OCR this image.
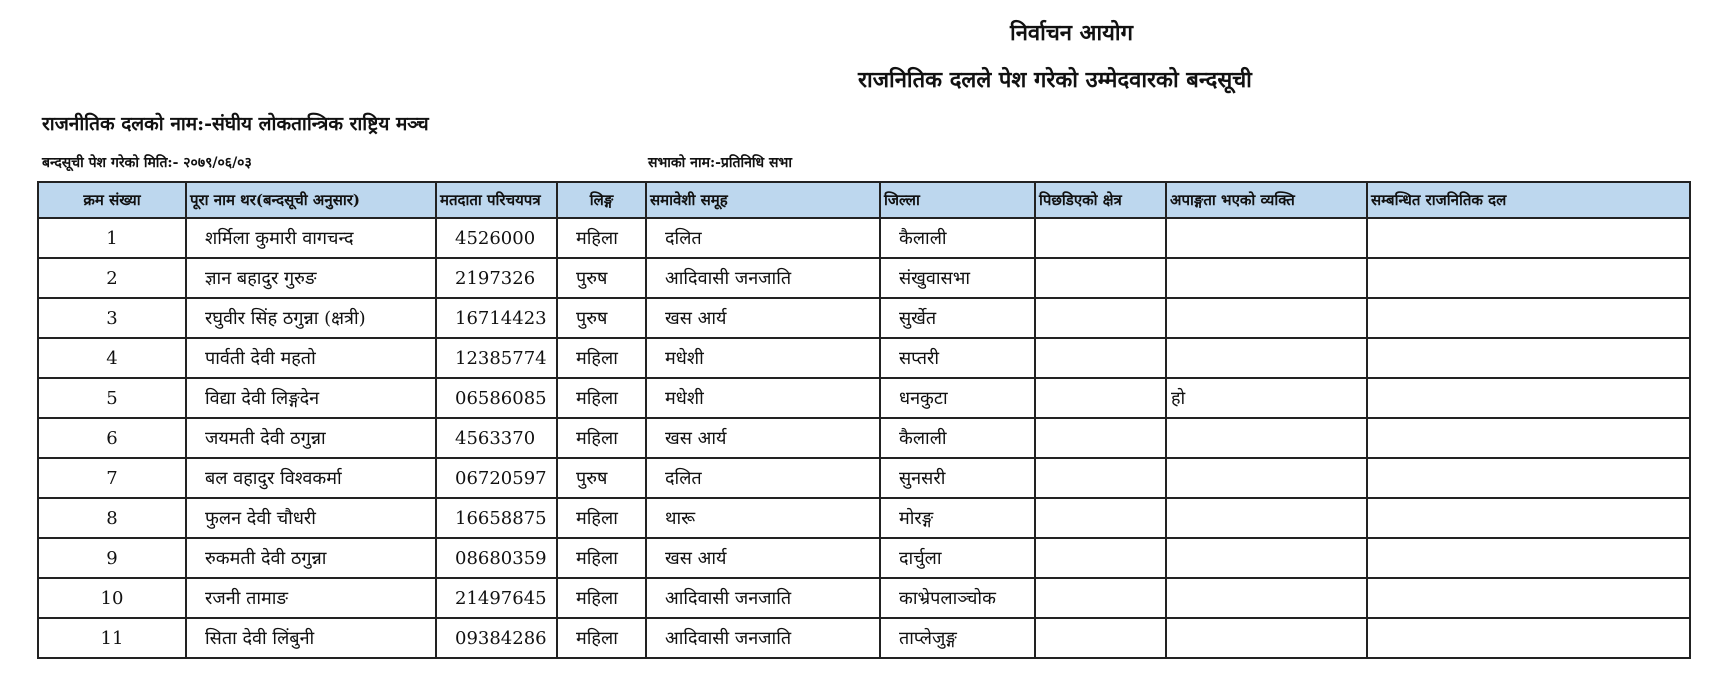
निर्वाचन आयोग
राजनितिक दलले पेश गरेको उम्मेदवारको बन्दसूची
राजनीतिक दलको नाम:-संघीय लोकतान्त्रिक राष्ट्रिय मञ्च
बन्दसूची पेश गरेको मिति:- २०७९/०६/०३	सभाको नाम:-प्रतिनिधि सभा
क्रम संख्या	पूरा नाम थर(बन्दसूची अनुसार)	मतदाता परिचयपत्र	लिङ्ग	समावेशी समूह	जिल्ला	पिछडिएको क्षेत्र	अपाङ्गता भएको व्यक्ति	सम्बन्धित राजनितिक दल
1	शर्मिला कुमारी वागचन्द	4526000	महिला	दलित	कैलाली			
2	ज्ञान बहादुर गुरुङ	2197326	पुरुष	आदिवासी जनजाति	संखुवासभा			
3	रघुवीर सिंह ठगुन्ना (क्षत्री)	16714423	पुरुष	खस आर्य	सुर्खेत			
4	पार्वती देवी महतो	12385774	महिला	मधेशी	सप्तरी			
5	विद्या देवी लिङ्गदेन	06586085	महिला	मधेशी	धनकुटा		हो	
6	जयमती देवी ठगुन्ना	4563370	महिला	खस आर्य	कैलाली			
7	बल वहादुर विश्वकर्मा	06720597	पुरुष	दलित	सुनसरी			
8	फुलन देवी चौधरी	16658875	महिला	थारू	मोरङ्ग			
9	रुकमती देवी ठगुन्ना	08680359	महिला	खस आर्य	दार्चुला			
10	रजनी तामाङ	21497645	महिला	आदिवासी जनजाति	काभ्रेपलाञ्चोक			
11	सिता देवी लिंबुनी	09384286	महिला	आदिवासी जनजाति	ताप्लेजुङ्ग			
